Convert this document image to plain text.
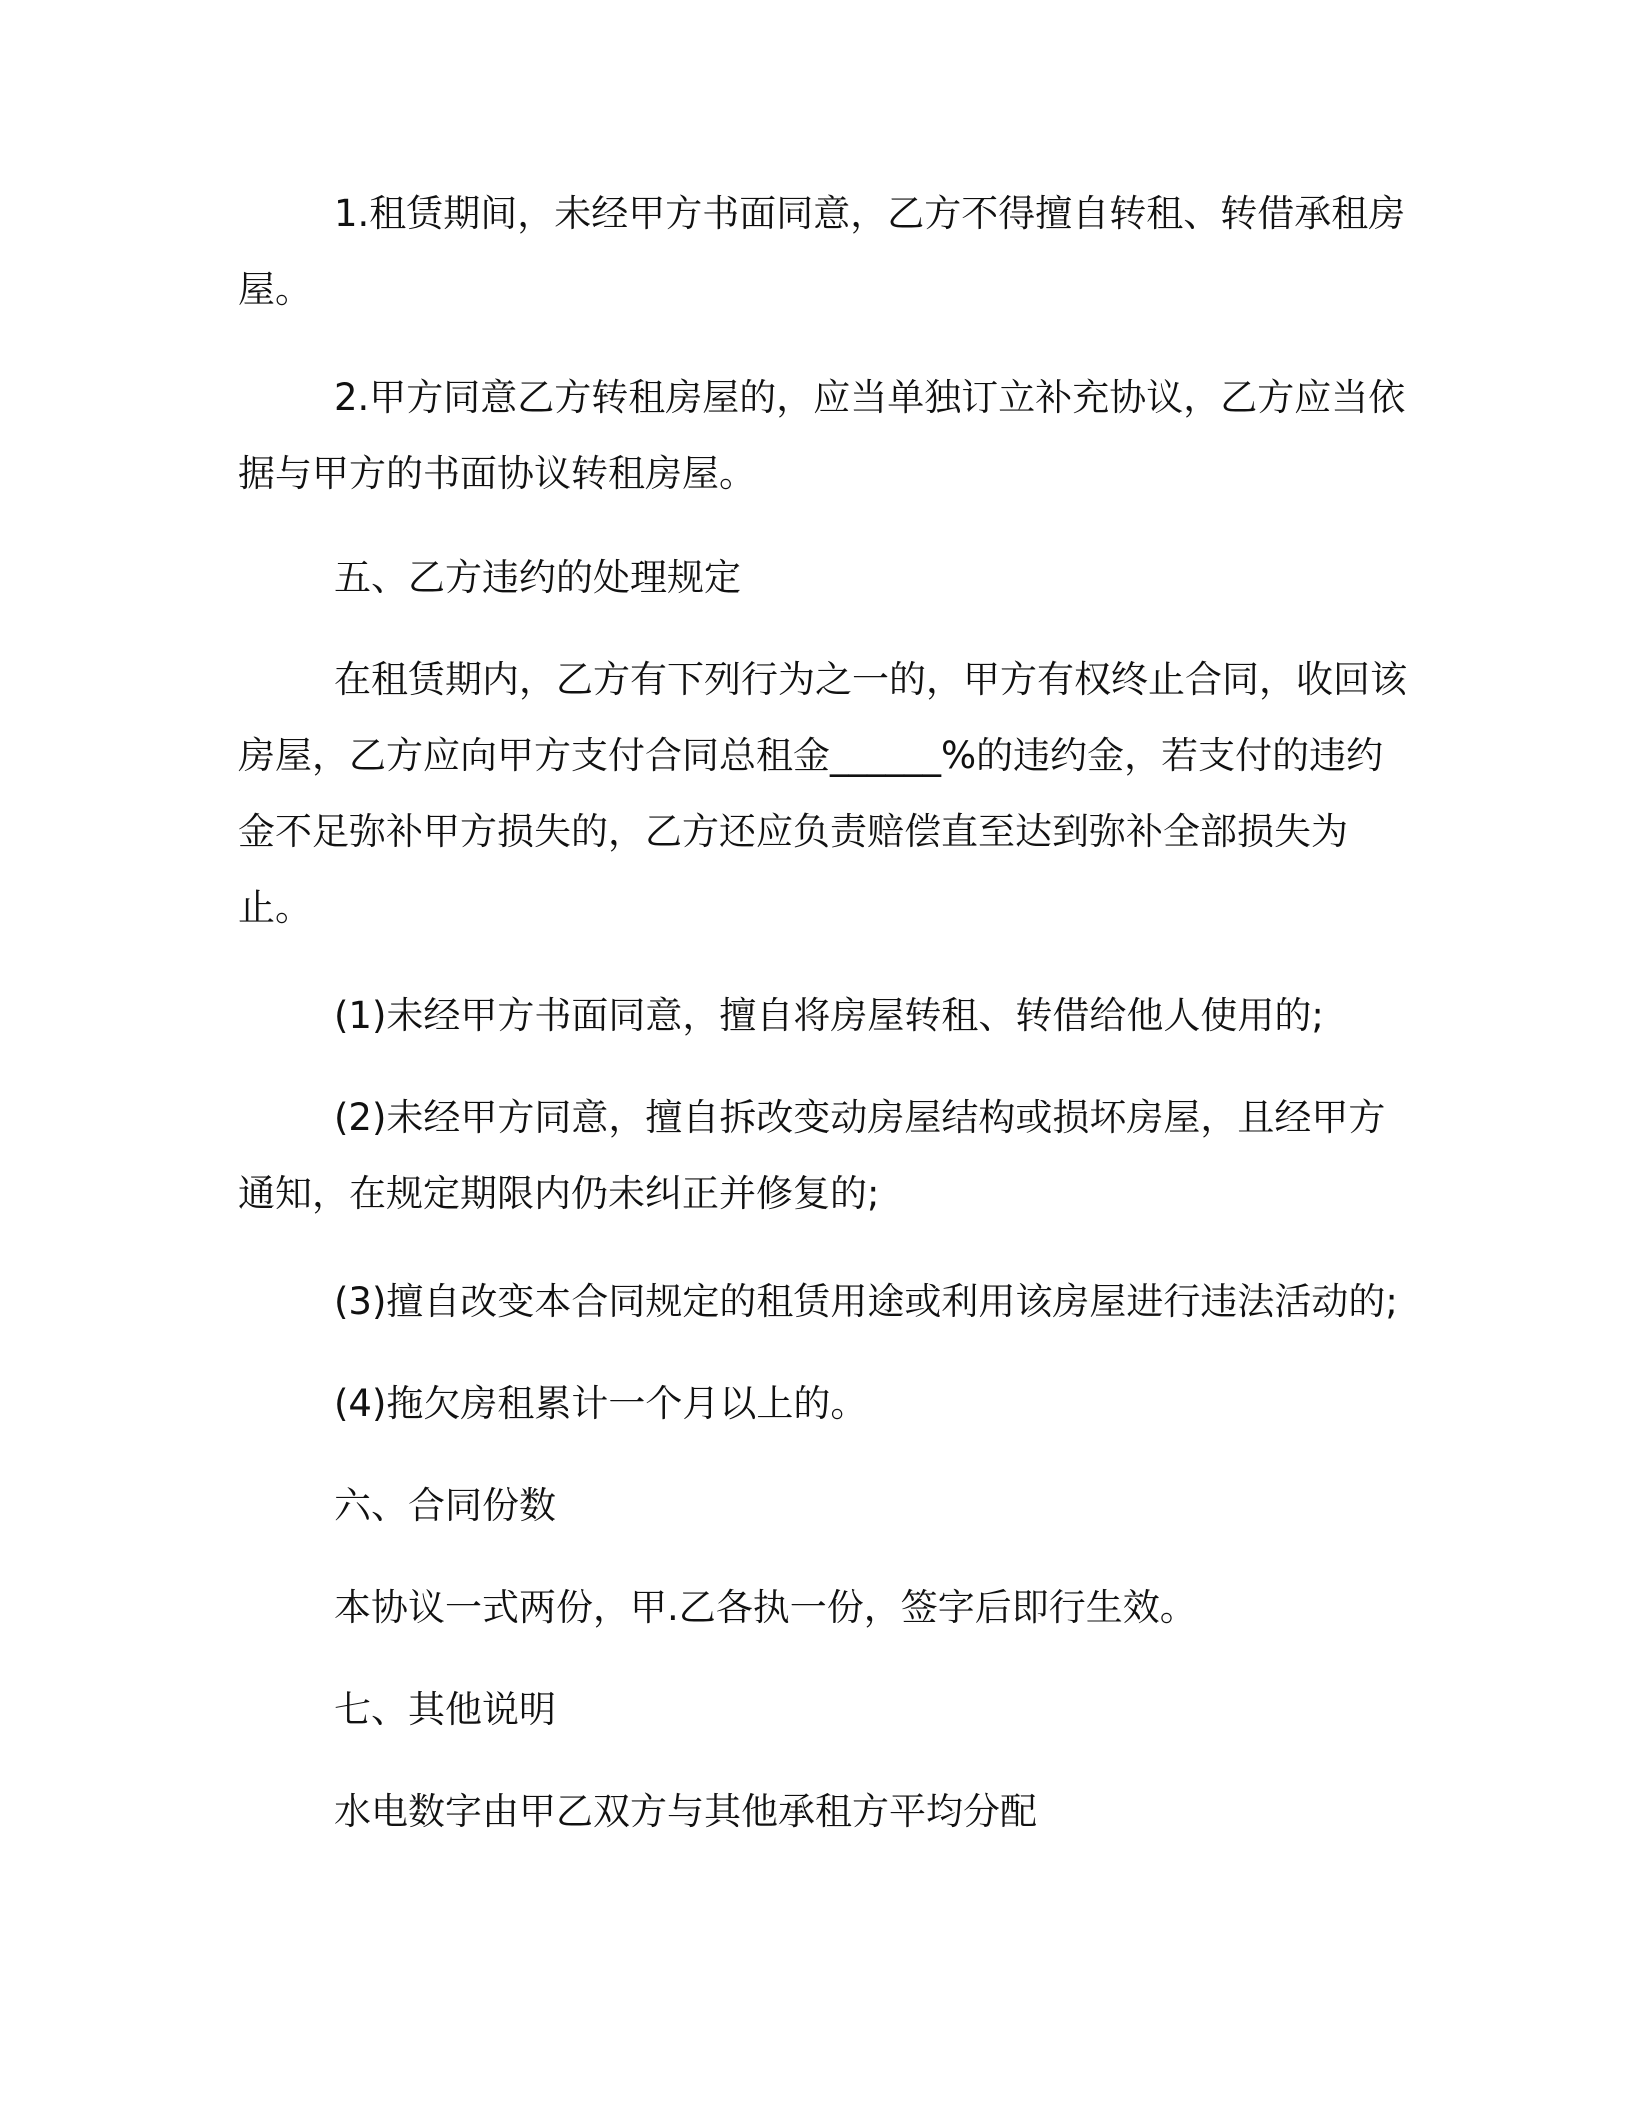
1.租赁期间，未经甲方书面同意，乙方不得擅自转租、转借承租房屋。

2.甲方同意乙方转租房屋的，应当单独订立补充协议，乙方应当依据与甲方的书面协议转租房屋。

五、乙方违约的处理规定

在租赁期内，乙方有下列行为之一的，甲方有权终止合同，收回该房屋，乙方应向甲方支付合同总租金______%的违约金，若支付的违约金不足弥补甲方损失的，乙方还应负责赔偿直至达到弥补全部损失为止。

(1)未经甲方书面同意，擅自将房屋转租、转借给他人使用的;

(2)未经甲方同意，擅自拆改变动房屋结构或损坏房屋，且经甲方通知，在规定期限内仍未纠正并修复的;

(3)擅自改变本合同规定的租赁用途或利用该房屋进行违法活动的;

(4)拖欠房租累计一个月以上的。

六、合同份数

本协议一式两份，甲.乙各执一份，签字后即行生效。

七、其他说明

水电数字由甲乙双方与其他承租方平均分配
